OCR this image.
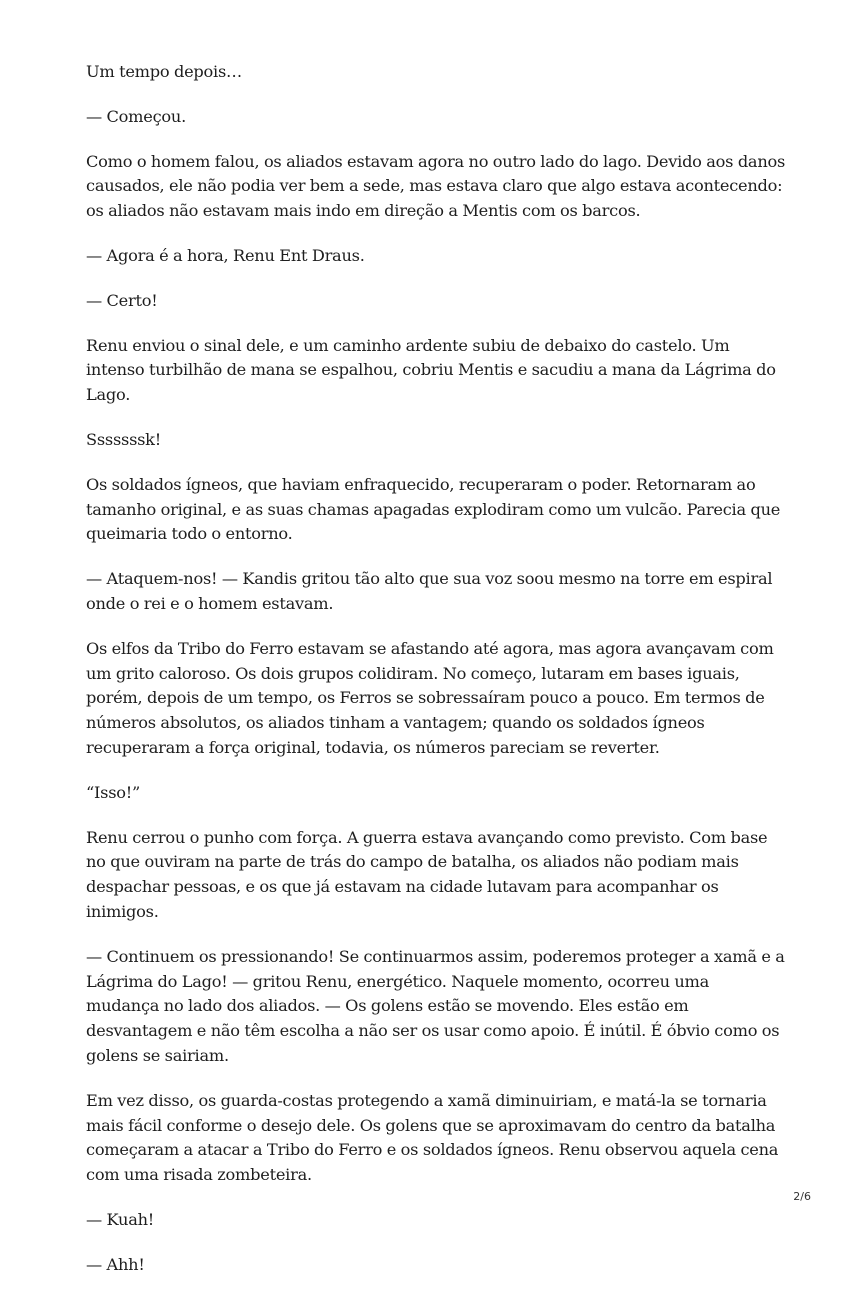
Um tempo depois…

— Começou.

Como o homem falou, os aliados estavam agora no outro lado do lago. Devido aos danos causados, ele não podia ver bem a sede, mas estava claro que algo estava acontecendo: os aliados não estavam mais indo em direção a Mentis com os barcos.

— Agora é a hora, Renu Ent Draus.

— Certo!

Renu enviou o sinal dele, e um caminho ardente subiu de debaixo do castelo. Um intenso turbilhão de mana se espalhou, cobriu Mentis e sacudiu a mana da Lágrima do Lago.

Sssssssk!

Os soldados ígneos, que haviam enfraquecido, recuperaram o poder. Retornaram ao tamanho original, e as suas chamas apagadas explodiram como um vulcão. Parecia que queimaria todo o entorno.

— Ataquem-nos! — Kandis gritou tão alto que sua voz soou mesmo na torre em espiral onde o rei e o homem estavam.

Os elfos da Tribo do Ferro estavam se afastando até agora, mas agora avançavam com um grito caloroso. Os dois grupos colidiram. No começo, lutaram em bases iguais, porém, depois de um tempo, os Ferros se sobressaíram pouco a pouco. Em termos de números absolutos, os aliados tinham a vantagem; quando os soldados ígneos recuperaram a força original, todavia, os números pareciam se reverter.

“Isso!”

Renu cerrou o punho com força. A guerra estava avançando como previsto. Com base no que ouviram na parte de trás do campo de batalha, os aliados não podiam mais despachar pessoas, e os que já estavam na cidade lutavam para acompanhar os inimigos.

— Continuem os pressionando! Se continuarmos assim, poderemos proteger a xamã e a Lágrima do Lago! — gritou Renu, energético. Naquele momento, ocorreu uma mudança no lado dos aliados. — Os golens estão se movendo. Eles estão em desvantagem e não têm escolha a não ser os usar como apoio. É inútil. É óbvio como os golens se sairiam.

Em vez disso, os guarda-costas protegendo a xamã diminuiriam, e matá-la se tornaria mais fácil conforme o desejo dele. Os golens que se aproximavam do centro da batalha começaram a atacar a Tribo do Ferro e os soldados ígneos. Renu observou aquela cena com uma risada zombeteira.

— Kuah!

— Ahh!

2/6
